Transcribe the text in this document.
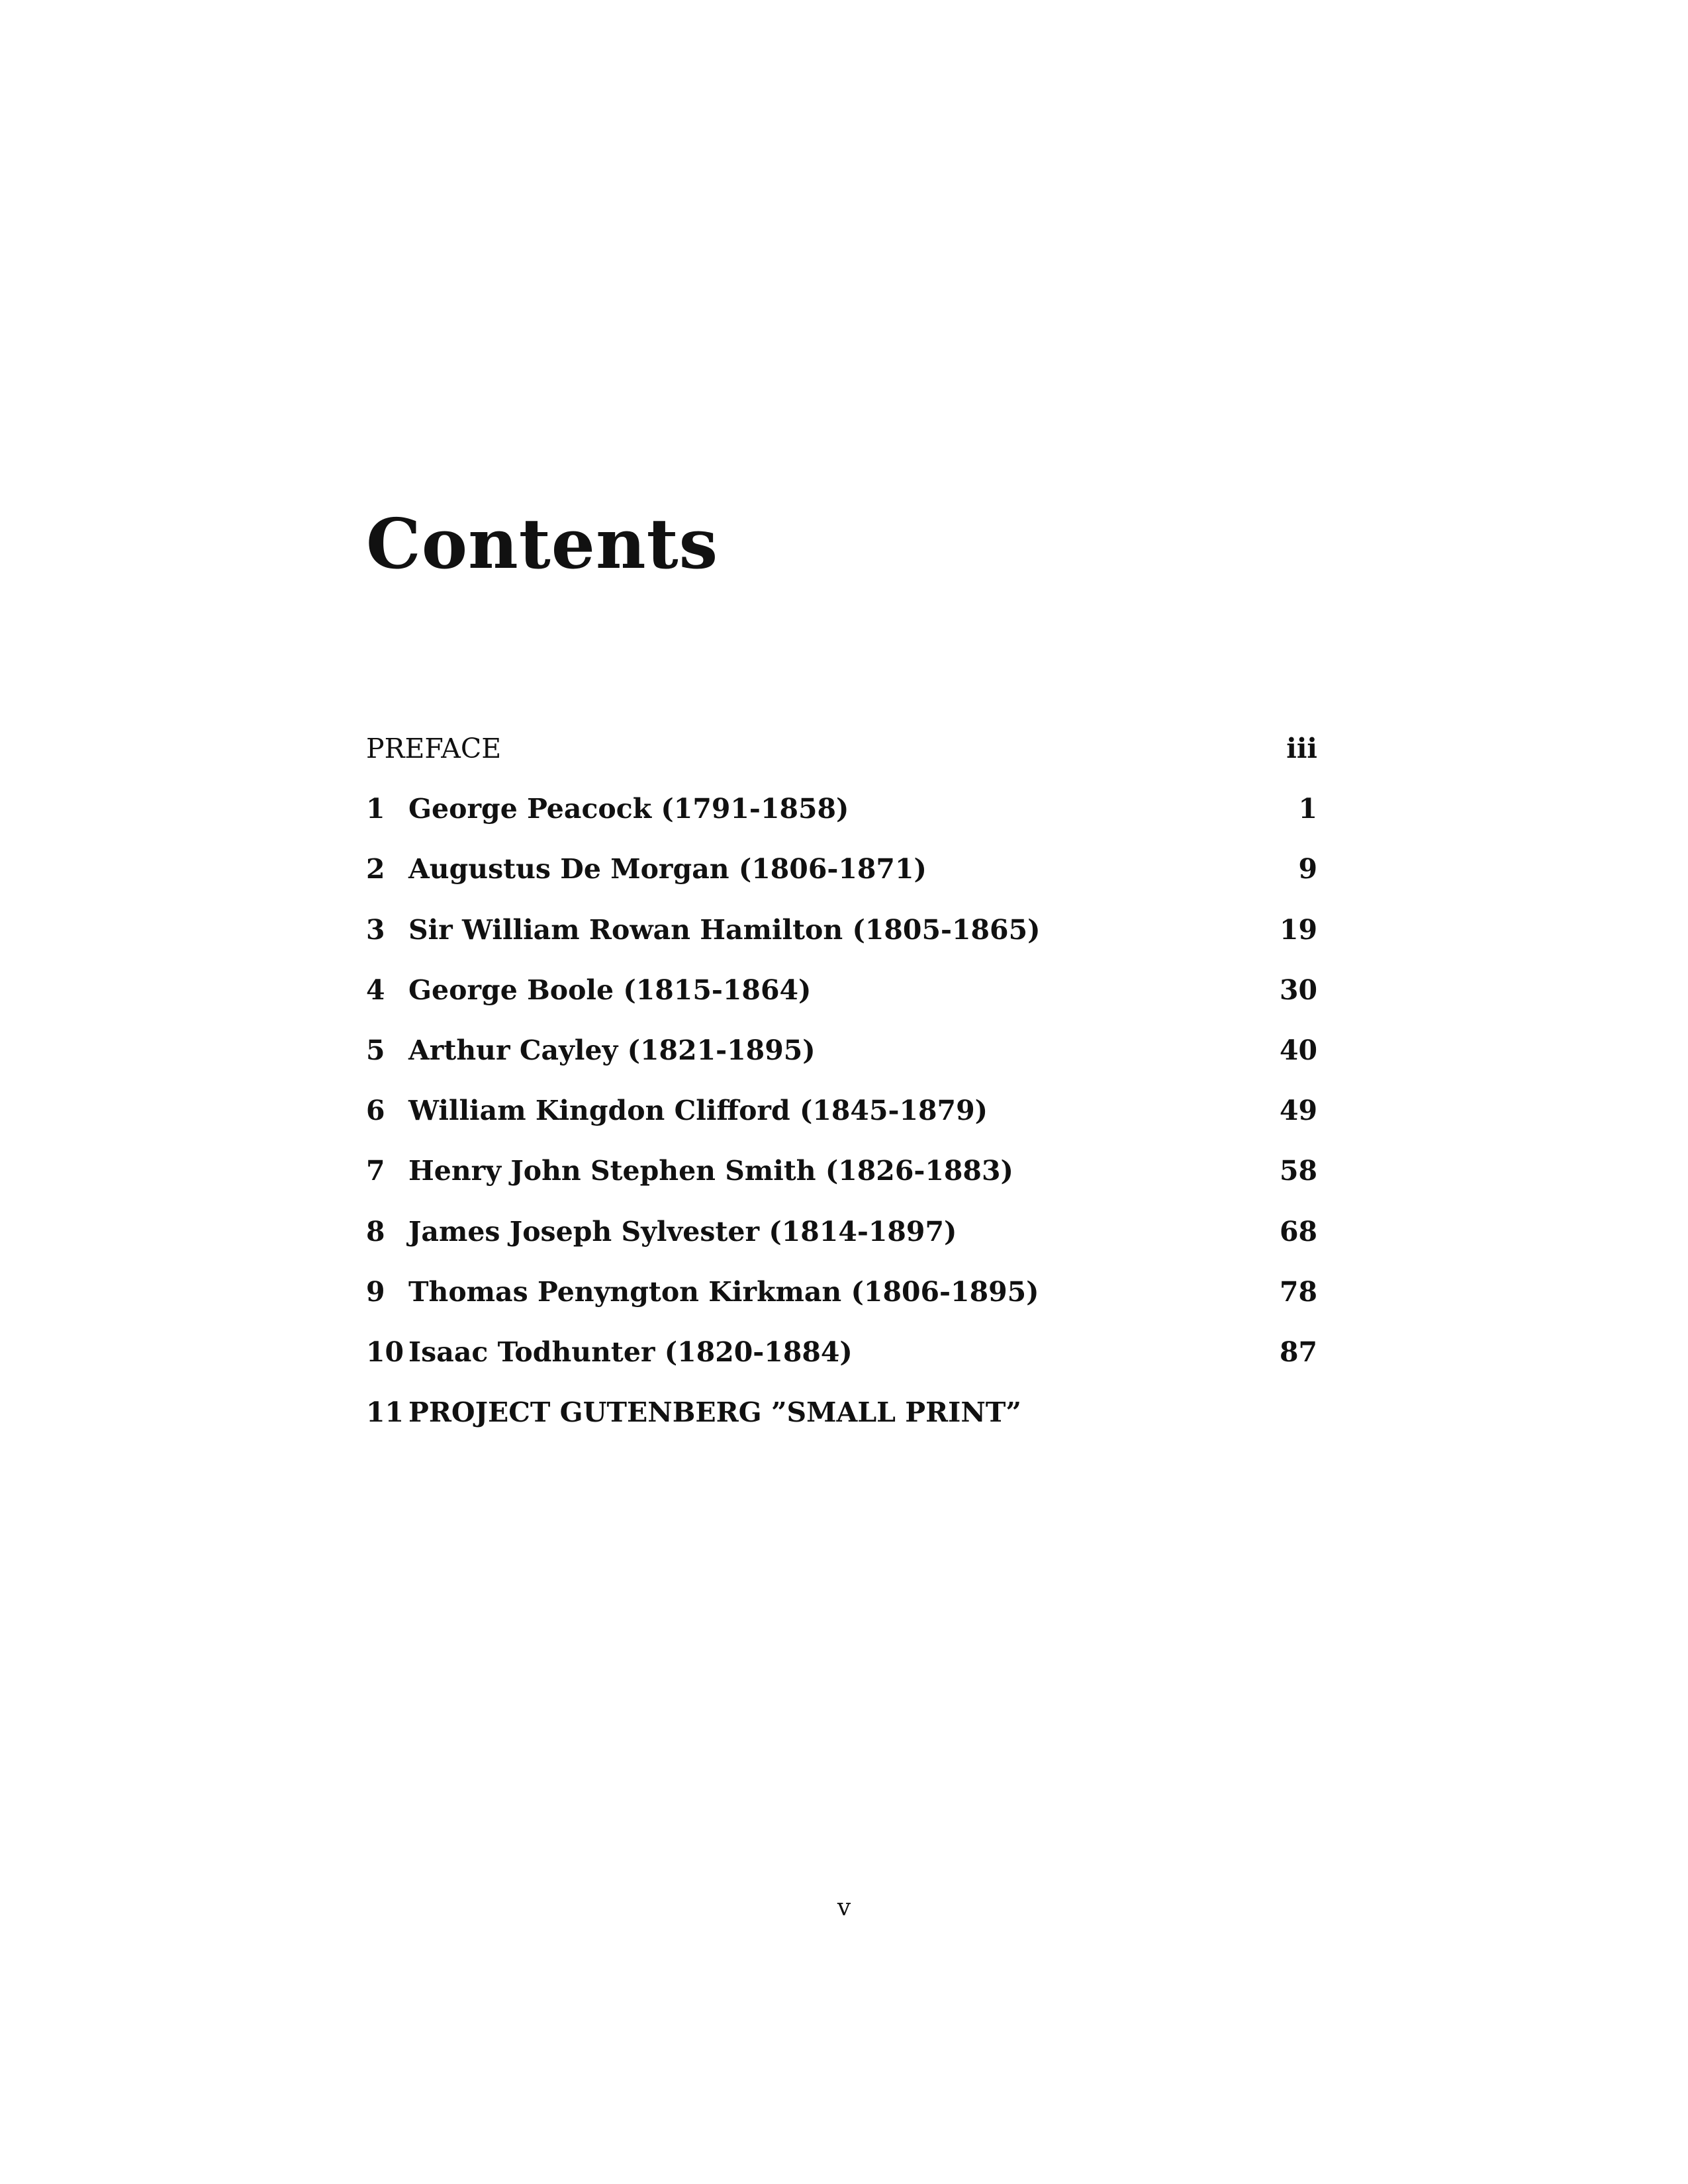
Contents
PREFACE	iii
1 George Peacock (1791-1858)	1
2 Augustus De Morgan (1806-1871)	9
3 Sir William Rowan Hamilton (1805-1865)	19
4 George Boole (1815-1864)	30
5 Arthur Cayley (1821-1895)	40
6 William Kingdon Clifford (1845-1879)	49
7 Henry John Stephen Smith (1826-1883)	58
8 James Joseph Sylvester (1814-1897)	68
9 Thomas Penyngton Kirkman (1806-1895)	78
10 Isaac Todhunter (1820-1884)	87
11 PROJECT GUTENBERG ”SMALL PRINT”
v
